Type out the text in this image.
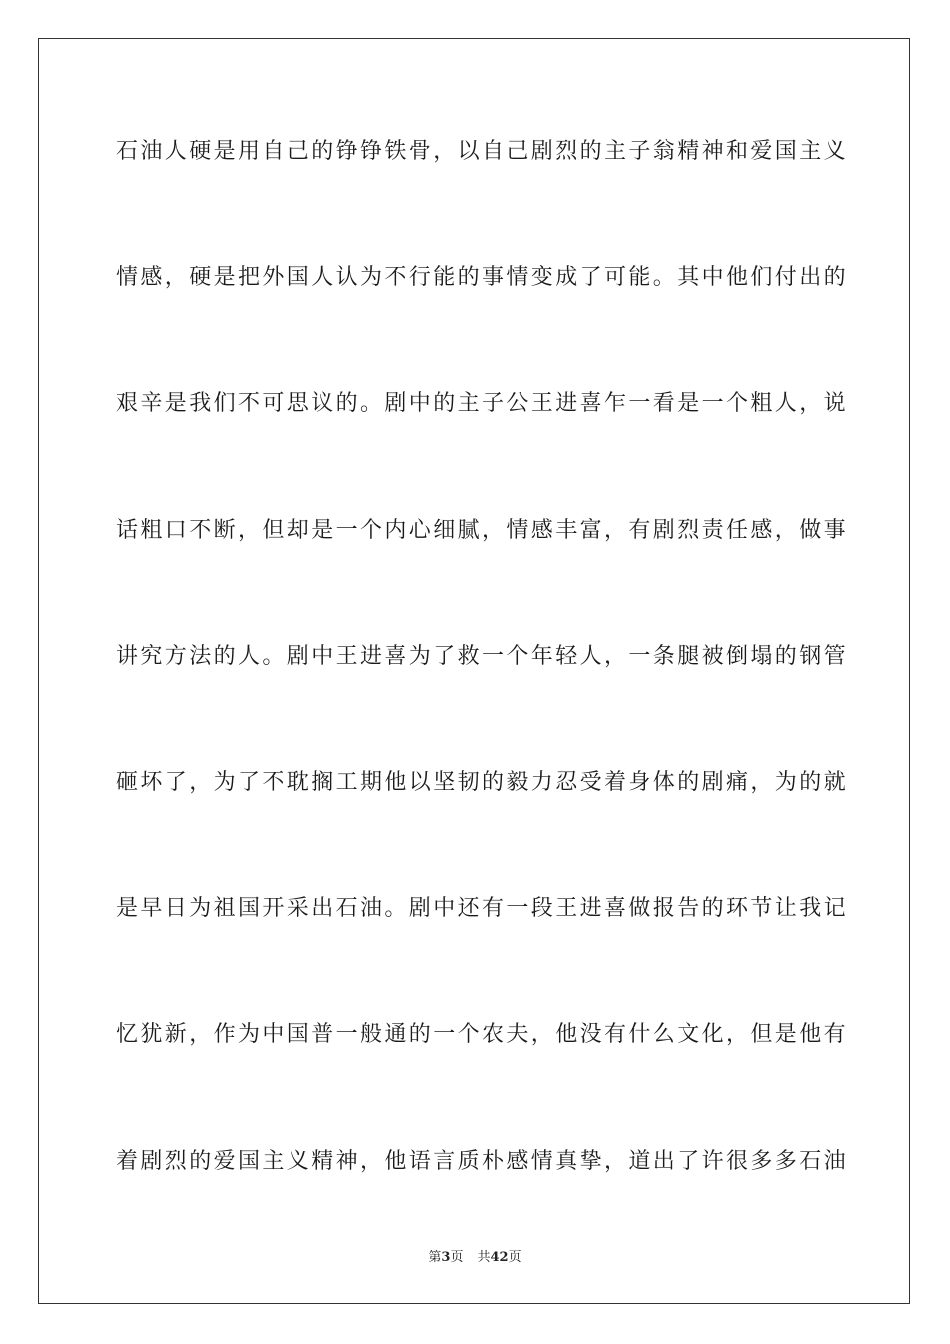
石油人硬是用自己的铮铮铁骨，以自己剧烈的主子翁精神和爱国主义
情感，硬是把外国人认为不行能的事情变成了可能。其中他们付出的
艰辛是我们不可思议的。剧中的主子公王进喜乍一看是一个粗人，说
话粗口不断，但却是一个内心细腻，情感丰富，有剧烈责任感，做事
讲究方法的人。剧中王进喜为了救一个年轻人，一条腿被倒塌的钢管
砸坏了，为了不耽搁工期他以坚韧的毅力忍受着身体的剧痛，为的就
是早日为祖国开采出石油。剧中还有一段王进喜做报告的环节让我记
忆犹新，作为中国普一般通的一个农夫，他没有什么文化，但是他有
着剧烈的爱国主义精神，他语言质朴感情真挚，道出了许很多多石油
第3页 共42页
